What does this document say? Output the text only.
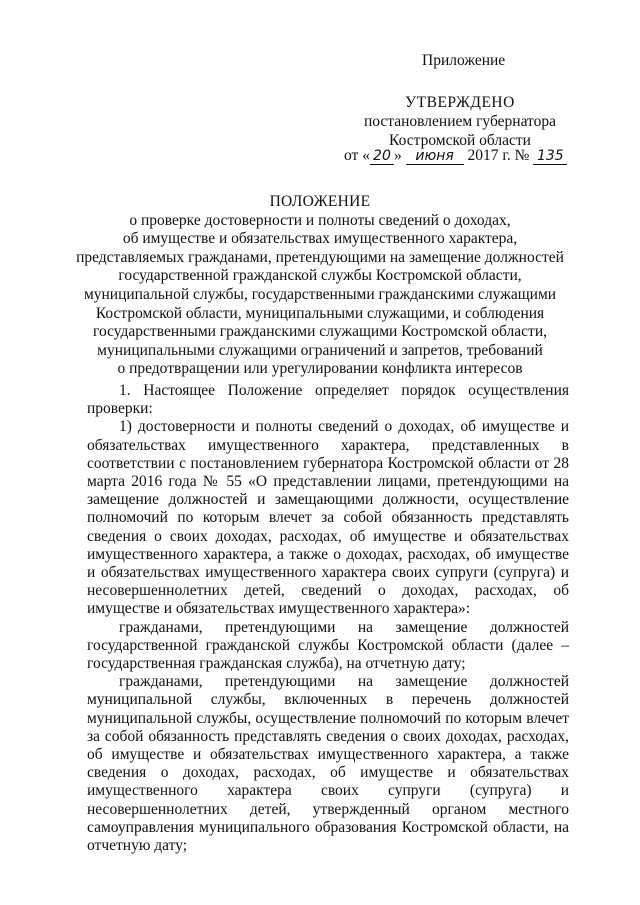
Приложение
УТВЕРЖДЕНО
постановлением губернатора
Костромской области
от « 20 » июня 2017 г. № 135
ПОЛОЖЕНИЕ
о проверке достоверности и полноты сведений о доходах,
об имуществе и обязательствах имущественного характера,
представляемых гражданами, претендующими на замещение должностей
государственной гражданской службы Костромской области,
муниципальной службы, государственными гражданскими служащими
Костромской области, муниципальными служащими, и соблюдения
государственными гражданскими служащими Костромской области,
муниципальными служащими ограничений и запретов, требований
о предотвращении или урегулировании конфликта интересов

1. Настоящее Положение определяет порядок осуществления проверки:

1) достоверности и полноты сведений о доходах, об имуществе и обязательствах имущественного характера, представленных в соответствии с постановлением губернатора Костромской области от 28 марта 2016 года № 55 «О представлении лицами, претендующими на замещение должностей и замещающими должности, осуществление полномочий по которым влечет за собой обязанность представлять сведения о своих доходах, расходах, об имуществе и обязательствах имущественного характера, а также о доходах, расходах, об имуществе и обязательствах имущественного характера своих супруги (супруга) и несовершеннолетних детей, сведений о доходах, расходах, об имуществе и обязательствах имущественного характера»:

гражданами, претендующими на замещение должностей государственной гражданской службы Костромской области (далее – государственная гражданская служба), на отчетную дату;

гражданами, претендующими на замещение должностей муниципальной службы, включенных в перечень должностей муниципальной службы, осуществление полномочий по которым влечет за собой обязанность представлять сведения о своих доходах, расходах, об имуществе и обязательствах имущественного характера, а также сведения о доходах, расходах, об имуществе и обязательствах имущественного характера своих супруги (супруга) и несовершеннолетних детей, утвержденный органом местного самоуправления муниципального образования Костромской области, на отчетную дату;
